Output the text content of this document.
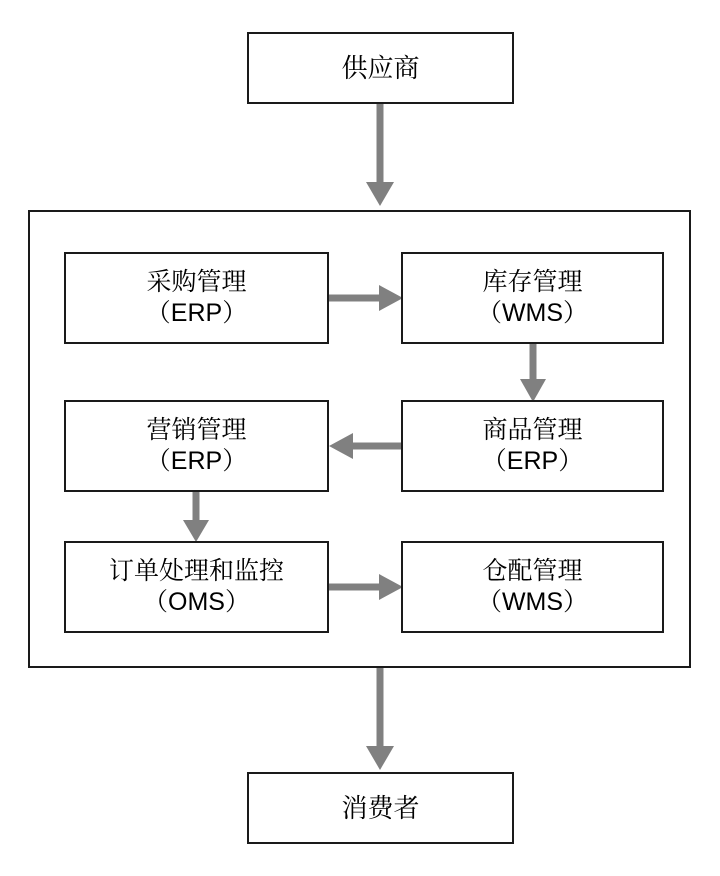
供应商
采购管理
（ERP）
库存管理
（WMS）
营销管理
（ERP）
商品管理
（ERP）
订单处理和监控
（OMS）
仓配管理
（WMS）
消费者
